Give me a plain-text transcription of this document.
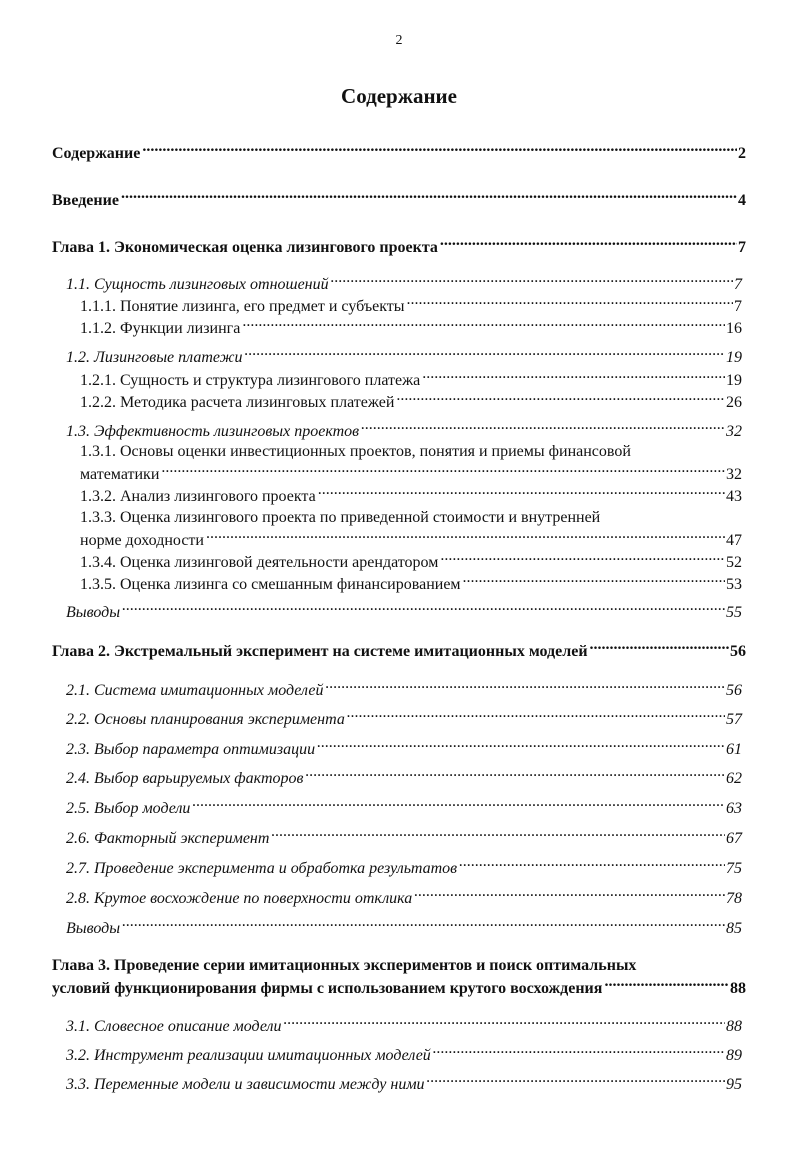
2
Содержание
Содержание . . .	2
Введение . . .	4
Глава 1. Экономическая оценка лизингового проекта . . .	7
1.1. Сущность лизинговых отношений . . .	7
1.1.1. Понятие лизинга, его предмет и субъекты . . .	7
1.1.2. Функции лизинга . . .	16
1.2. Лизинговые платежи . . .	19
1.2.1. Сущность и структура лизингового платежа . . .	19
1.2.2. Методика расчета лизинговых платежей . . .	26
1.3. Эффективность лизинговых проектов . . .	32
1.3.1. Основы оценки инвестиционных проектов, понятия и приемы финансовой
математики . . .	32
1.3.2. Анализ лизингового проекта . . .	43
1.3.3. Оценка лизингового проекта по приведенной стоимости и внутренней
норме доходности . . .	47
1.3.4. Оценка лизинговой деятельности арендатором . . .	52
1.3.5. Оценка лизинга со смешанным финансированием . . .	53
Выводы . . .	55
Глава 2. Экстремальный эксперимент на системе имитационных моделей . . .	56
2.1. Система имитационных моделей . . .	56
2.2. Основы планирования эксперимента . . .	57
2.3. Выбор параметра оптимизации . . .	61
2.4. Выбор варьируемых факторов . . .	62
2.5. Выбор модели . . .	63
2.6. Факторный эксперимент . . .	67
2.7. Проведение эксперимента и обработка результатов . . .	75
2.8. Крутое восхождение по поверхности отклика . . .	78
Выводы . . .	85
Глава 3. Проведение серии имитационных экспериментов и поиск оптимальных
условий функционирования фирмы с использованием крутого восхождения . . .	88
3.1. Словесное описание модели . . .	88
3.2. Инструмент реализации имитационных моделей . . .	89
3.3. Переменные модели и зависимости между ними . . .	95
